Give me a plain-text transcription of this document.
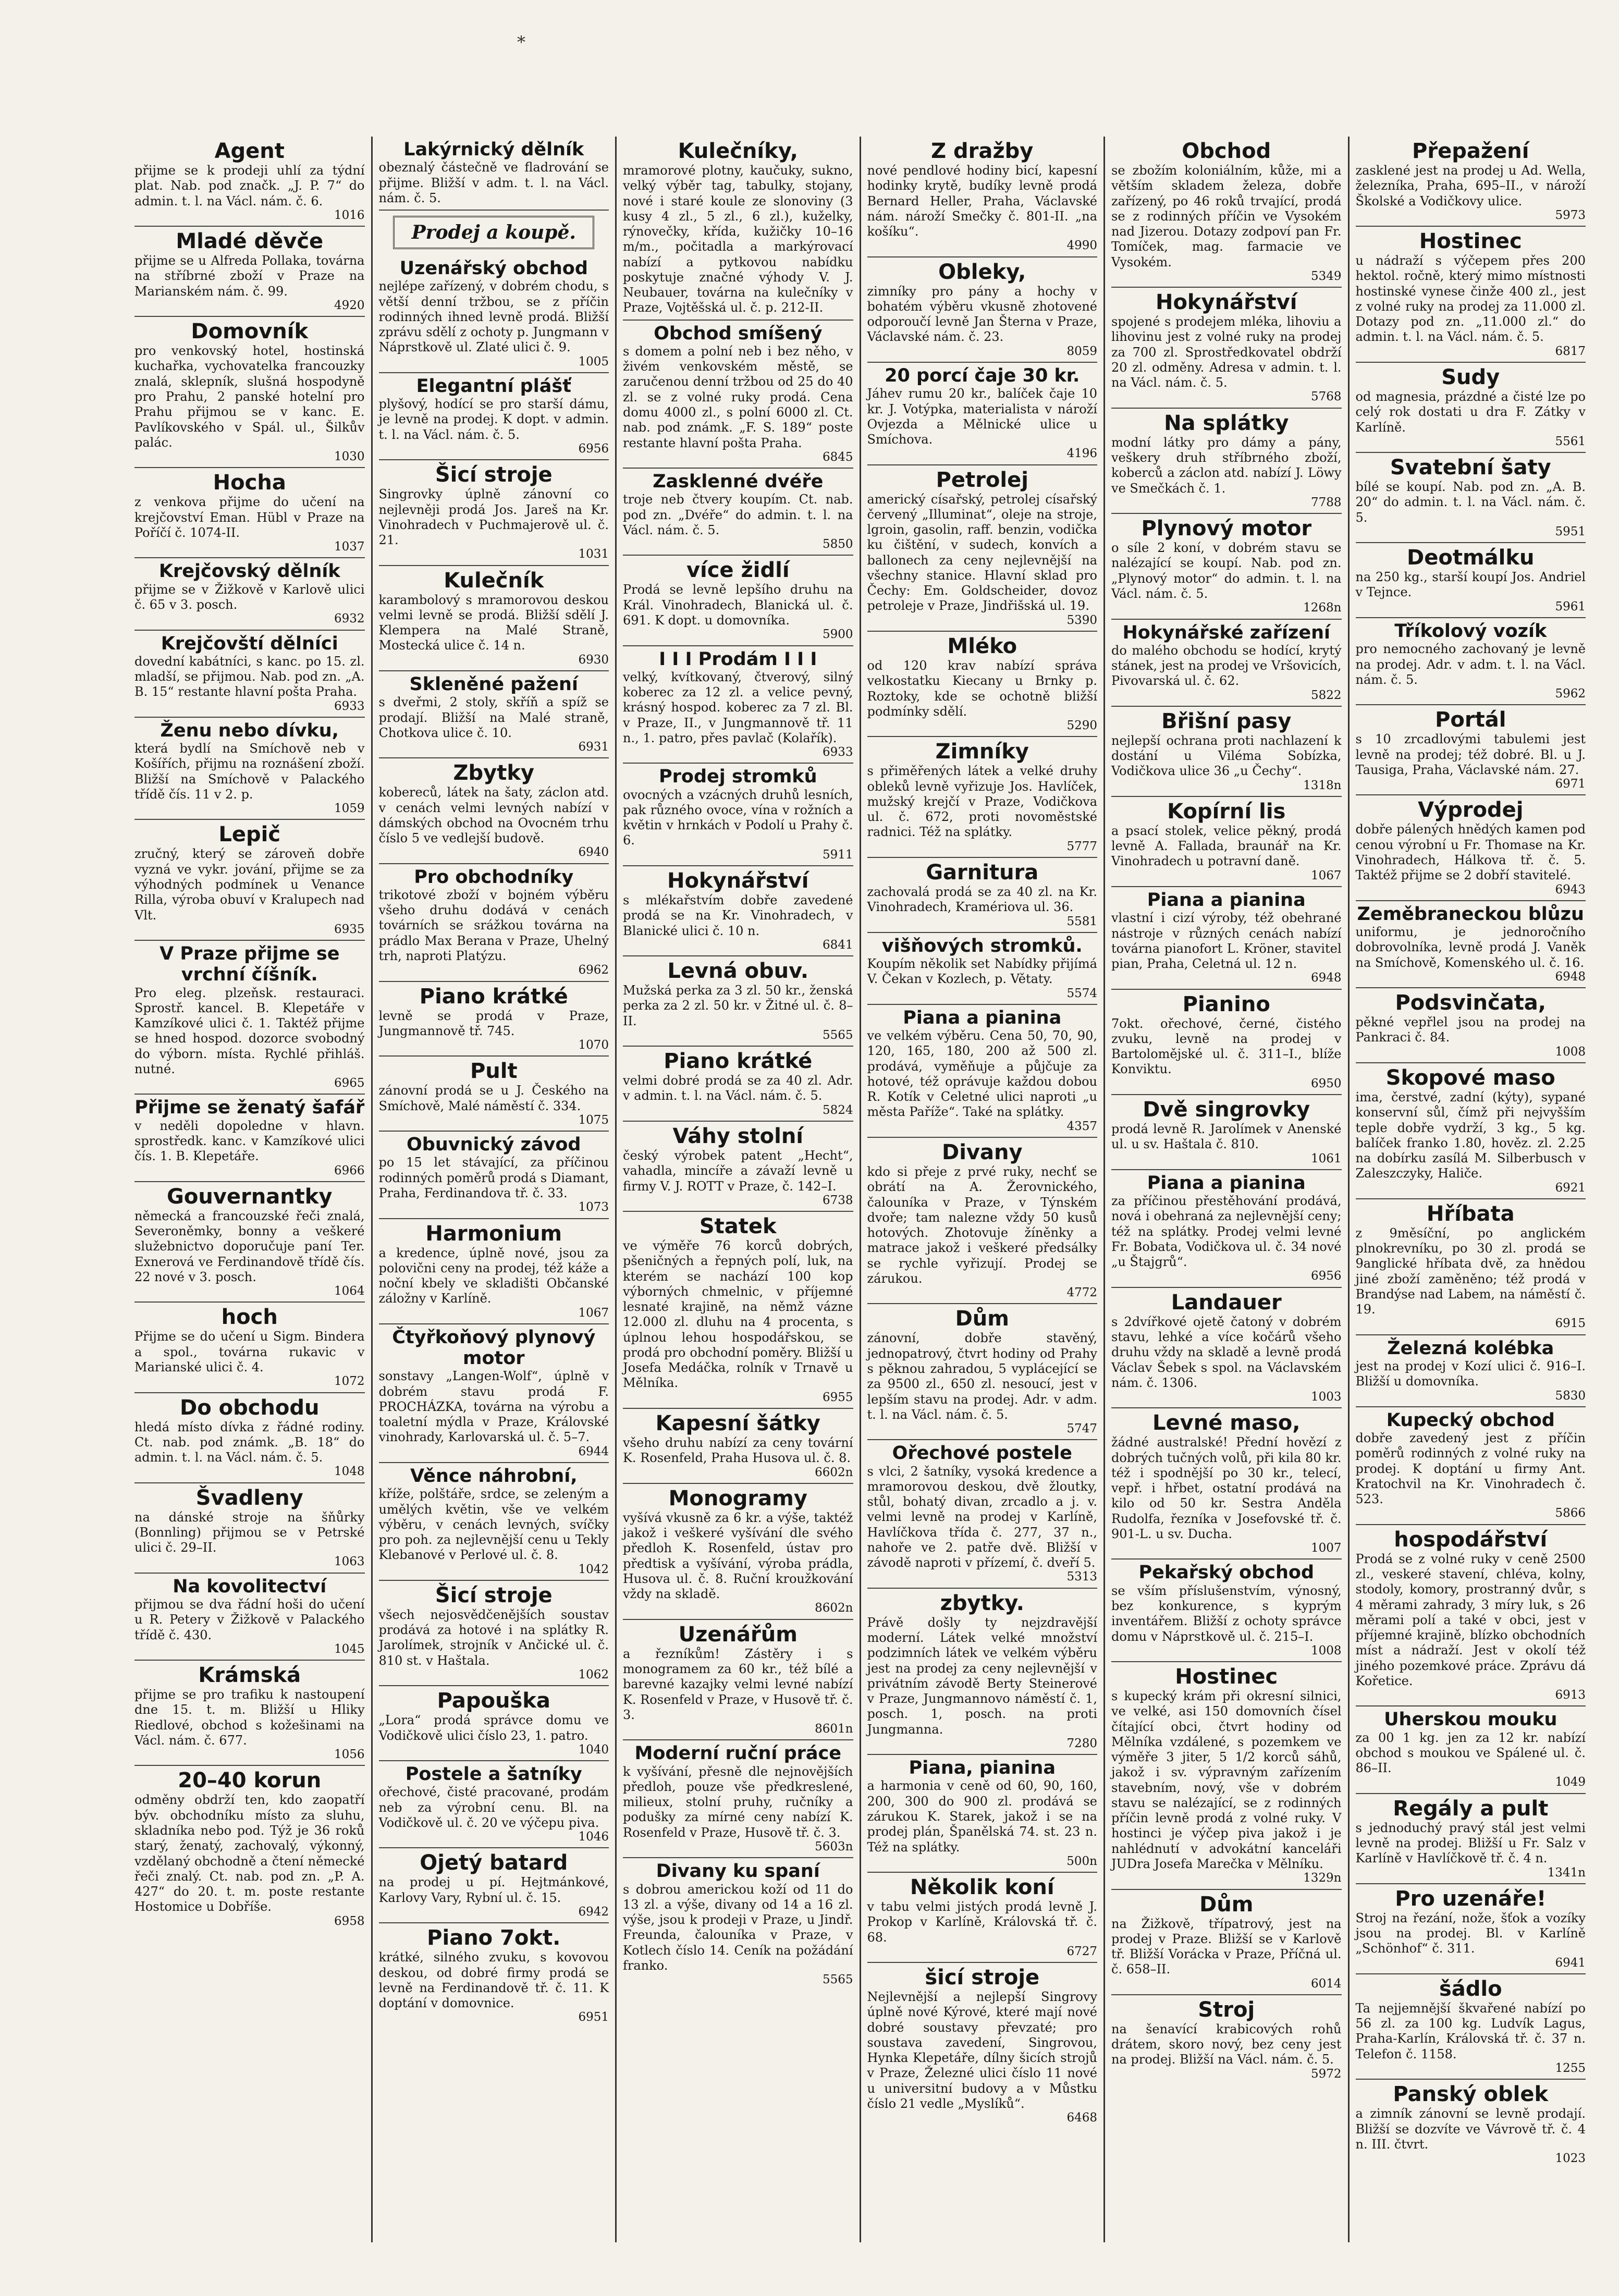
*
Agent
přijme se k prodeji uhlí za týdní plat. Nab. pod značk. „J. P. 7“ do admin. t. l. na Václ. nám. č. 6.
1016
Mladé děvče
přijme se u Alfreda Pollaka, továrna na stříbrné zboží v Praze na Marianském nám. č. 99.
4920
Domovník
pro venkovský hotel, hostinská kuchařka, vychovatelka francouzky znalá, sklepník, slušná hospodyně pro Prahu, 2 panské hotelní pro Prahu přijmou se v kanc. E. Pavlíkovského v Spál. ul., Šilkův palác.
1030
Hocha
z venkova přijme do učení na krejčovství Eman. Hübl v Praze na Poříčí č. 1074-II.
1037
Krejčovský dělník
přijme se v Žižkově v Karlově ulici č. 65 v 3. posch.
6932
Krejčovští dělníci
dovední kabátníci, s kanc. po 15. zl. mladší, se přijmou. Nab. pod zn. „A. B. 15“ restante hlavní pošta Praha.
6933
Ženu nebo dívku,
která bydlí na Smíchově neb v Košířích, přijmu na roznášení zboží. Bližší na Smíchově v Palackého třídě čís. 11 v 2. p.
1059
Lepič
zručný, který se zároveň dobře vyzná ve vykr. jování, přijme se za výhodných podmínek u Venance Rilla, výroba obuví v Kralupech nad Vlt.
6935
V Praze přijme se vrchní číšník.
Pro eleg. plzeňsk. restauraci. Sprostř. kancel. B. Klepetáře v Kamzíkové ulici č. 1. Taktéž přijme se hned hospod. dozorce svobodný do výborn. místa. Rychlé přihláš. nutné.
6965
Přijme se ženatý šafář
v neděli dopoledne v hlavn. sprostředk. kanc. v Kamzíkové ulici čís. 1. B. Klepetáře.
6966
Gouvernantky
německá a francouzské řeči znalá, Severoněmky, bonny a veškeré služebnictvo doporučuje paní Ter. Exnerová ve Ferdinandově třídě čís. 22 nové v 3. posch.
1064
hoch
Přijme se do učení u Sigm. Bindera a spol., továrna rukavic v Marianské ulici č. 4.
1072
Do obchodu
hledá místo dívka z řádné rodiny. Ct. nab. pod známk. „B. 18“ do admin. t. l. na Václ. nám. č. 5.
1048
Švadleny
na dánské stroje na šňůrky (Bonnling) přijmou se v Petrské ulici č. 29–II.
1063
Na kovolitectví
přijmou se dva řádní hoši do učení u R. Petery v Žižkově v Palackého třídě č. 430.
1045
Krámská
přijme se pro trafiku k nastoupení dne 15. t. m. Bližší u Hliky Riedlové, obchod s kožešinami na Václ. nám. č. 677.
1056
20–40 korun
odměny obdrží ten, kdo zaopatří býv. obchodníku místo za sluhu, skladníka nebo pod. Týž je 36 roků starý, ženatý, zachovalý, výkonný, vzdělaný obchodně a čtení německé řeči znalý. Ct. nab. pod zn. „P. A. 427“ do 20. t. m. poste restante Hostomice u Dobříše.
6958
Lakýrnický dělník
obeznalý částečně ve fladrování se přijme. Bližší v adm. t. l. na Václ. nám. č. 5.
Prodej a koupě.
Uzenářský obchod
nejlépe zařízený, v dobrém chodu, s větší denní tržbou, se z příčin rodinných ihned levně prodá. Bližší zprávu sdělí z ochoty p. Jungmann v Náprstkově ul. Zlaté ulici č. 9.
1005
Elegantní plášť
plyšový, hodící se pro starší dámu, je levně na prodej. K dopt. v admin. t. l. na Václ. nám. č. 5.
6956
Šicí stroje
Singrovky úplně zánovní co nejlevněji prodá Jos. Jareš na Kr. Vinohradech v Puchmajerově ul. č. 21.
1031
Kulečník
karambolový s mramorovou deskou velmi levně se prodá. Bližší sdělí J. Klempera na Malé Straně, Mostecká ulice č. 14 n.
6930
Skleněné pažení
s dveřmi, 2 stoly, skříň a spíž se prodají. Bližší na Malé straně, Chotkova ulice č. 10.
6931
Zbytky
kobereců, látek na šaty, záclon atd. v cenách velmi levných nabízí v dámských obchod na Ovocném trhu číslo 5 ve vedlejší budově.
6940
Pro obchodníky
trikotové zboží v bojném výběru všeho druhu dodává v cenách továrních se srážkou továrna na prádlo Max Berana v Praze, Uhelný trh, naproti Platýzu.
6962
Piano krátké
levně se prodá v Praze, Jungmannově tř. 745.
1070
Pult
zánovní prodá se u J. Českého na Smíchově, Malé náměstí č. 334.
1075
Obuvnický závod
po 15 let stávající, za příčinou rodinných poměrů prodá s Diamant, Praha, Ferdinandova tř. č. 33.
1073
Harmonium
a kredence, úplně nové, jsou za polovični ceny na prodej, též káže a noční kbely ve skladišti Občanské záložny v Karlíně.
1067
Čtyřkoňový plynový motor
sonstavy „Langen-Wolf“, úplně v dobrém stavu prodá F. PROCHÁZKA, továrna na výrobu a toaletní mýdla v Praze, Královské vinohrady, Karlovarská ul. č. 5–7.
6944
Věnce náhrobní,
kříže, polštáře, srdce, se zeleným a umělých květin, vše ve velkém výběru, v cenách levných, svíčky pro poh. za nejlevnější cenu u Tekly Klebanové v Perlové ul. č. 8.
1042
Šicí stroje
všech nejosvědčenějších soustav prodává za hotové i na splátky R. Jarolímek, strojník v Ančické ul. č. 810 st. v Haštala.
1062
Papouška
„Lora“ prodá správce domu ve Vodičkově ulici číslo 23, 1. patro.
1040
Postele a šatníky
ořechové, čisté pracované, prodám neb za výrobní cenu. Bl. na Vodičkově ul. č. 20 ve výčepu piva.
1046
Ojetý batard
na prodej u pí. Hejtmánkové, Karlovy Vary, Rybní ul. č. 15.
6942
Piano 7okt.
krátké, silného zvuku, s kovovou deskou, od dobré firmy prodá se levně na Ferdinandově tř. č. 11. K doptání v domovnice.
6951
Kulečníky,
mramorové plotny, kaučuky, sukno, velký výběr tag, tabulky, stojany, nové i staré koule ze slonoviny (3 kusy 4 zl., 5 zl., 6 zl.), kuželky, rýnovečky, křída, kužičky 10–16 m/m., počitadla a markýrovací nabízí a pytkovou nabídku poskytuje značné výhody V. J. Neubauer, továrna na kulečníky v Praze, Vojtěšská ul. č. p. 212-II.
Obchod smíšený
s domem a polní neb i bez něho, v živém venkovském městě, se zaručenou denní tržbou od 25 do 40 zl. se z volné ruky prodá. Cena domu 4000 zl., s polní 6000 zl. Ct. nab. pod známk. „F. S. 189“ poste restante hlavní pošta Praha.
6845
Zasklenné dvéře
troje neb čtvery koupím. Ct. nab. pod zn. „Dvéře“ do admin. t. l. na Václ. nám. č. 5.
5850
více židlí
Prodá se levně lepšího druhu na Král. Vinohradech, Blanická ul. č. 691. K dopt. u domovníka.
5900
I I I Prodám I I I
velký, kvítkovaný, čtverový, silný koberec za 12 zl. a velice pevný, krásný hospod. koberec za 7 zl. Bl. v Praze, II., v Jungmannově tř. 11 n., 1. patro, přes pavlač (Kolařík).
6933
Prodej stromků
ovocných a vzácných druhů lesních, pak různého ovoce, vína v rožních a květin v hrnkách v Podolí u Prahy č. 6.
5911
Hokynářství
s mlékařstvím dobře zavedené prodá se na Kr. Vinohradech, v Blanické ulici č. 10 n.
6841
Levná obuv.
Mužská perka za 3 zl. 50 kr., ženská perka za 2 zl. 50 kr. v Žitné ul. č. 8–II.
5565
Piano krátké
velmi dobré prodá se za 40 zl. Adr. v admin. t. l. na Václ. nám. č. 5.
5824
Váhy stolní
český výrobek patent „Hecht“, vahadla, mincíře a závaží levně u firmy V. J. ROTT v Praze, č. 142–I.
6738
Statek
ve výměře 76 korců dobrých, pšeničných a řepných polí, luk, na kterém se nachází 100 kop výborných chmelnic, v příjemné lesnaté krajině, na němž vázne 12.000 zl. dluhu na 4 procenta, s úplnou lehou hospodářskou, se prodá pro obchodní poměry. Bližší u Josefa Medáčka, rolník v Trnavě u Mělníka.
6955
Kapesní šátky
všeho druhu nabízí za ceny tovární K. Rosenfeld, Praha Husova ul. č. 8.
6602n
Monogramy
vyšívá vkusně za 6 kr. a výše, taktéž jakož i veškeré vyšívání dle svého předloh K. Rosenfeld, ústav pro předtisk a vyšívání, výroba prádla, Husova ul. č. 8. Ruční kroužkování vždy na skladě.
8602n
Uzenářům
a řezníkům! Zástěry i s monogramem za 60 kr., též bílé a barevné kazajky velmi levné nabízí K. Rosenfeld v Praze, v Husově tř. č. 3.
8601n
Moderní ruční práce
k vyšívání, přesně dle nejnovějších předloh, pouze vše předkreslené, milieux, stolní pruhy, ručníky a podušky za mírné ceny nabízí K. Rosenfeld v Praze, Husově tř. č. 3.
5603n
Divany ku spaní
s dobrou americkou koží od 11 do 13 zl. a výše, divany od 14 a 16 zl. výše, jsou k prodeji v Praze, u Jindř. Freunda, čalouníka v Praze, v Kotlech číslo 14. Ceník na požádání franko.
5565
Z dražby
nové pendlové hodiny bicí, kapesní hodinky krytě, budíky levně prodá Bernard Heller, Praha, Václavské nám. nároží Smečky č. 801-II. „na košíku“.
4990
Obleky,
zimníky pro pány a hochy v bohatém výběru vkusně zhotovené odporoučí levně Jan Šterna v Praze, Václavské nám. č. 23.
8059
20 porcí čaje 30 kr.
Jáhev rumu 20 kr., balíček čaje 10 kr. J. Votýpka, materialista v nároží Ovjezda a Mělnické ulice u Smíchova.
4196
Petrolej
americký císařský, petrolej císařský červený „Illuminat“, oleje na stroje, lgroin, gasolin, raff. benzin, vodička ku čištění, v sudech, konvích a ballonech za ceny nejlevnější na všechny stanice. Hlavní sklad pro Čechy: Em. Goldscheider, dovoz petroleje v Praze, Jindřišská ul. 19.
5390
Mléko
od 120 krav nabízí správa velkostatku Kiecany u Brnky p. Roztoky, kde se ochotně bližší podmínky sdělí.
5290
Zimníky
s přiměřených látek a velké druhy obleků levně vyřizuje Jos. Havlíček, mužský krejčí v Praze, Vodičkova ul. č. 672, proti novoměstské radnici. Též na splátky.
5777
Garnitura
zachovalá prodá se za 40 zl. na Kr. Vinohradech, Kramériova ul. 36.
5581
višňových stromků.
Koupím několik set Nabídky přijímá V. Čekan v Kozlech, p. Větaty.
5574
Piana a pianina
ve velkém výběru. Cena 50, 70, 90, 120, 165, 180, 200 až 500 zl. prodává, vyměňuje a půjčuje za hotové, též oprávuje každou dobou R. Kotík v Celetné ulici naproti „u města Paříže“. Také na splátky.
4357
Divany
kdo si přeje z prvé ruky, nechť se obrátí na A. Žerovnického, čalouníka v Praze, v Týnském dvoře; tam nalezne vždy 50 kusů hotových. Zhotovuje žíněnky a matrace jakož i veškeré předsálky se rychle vyřizují. Prodej se zárukou.
4772
Dům
zánovní, dobře stavěný, jednopatrový, čtvrt hodiny od Prahy s pěknou zahradou, 5 vyplácející se za 9500 zl., 650 zl. nesoucí, jest v lepším stavu na prodej. Adr. v adm. t. l. na Václ. nám. č. 5.
5747
Ořechové postele
s vlci, 2 šatníky, vysoká kredence a mramorovou deskou, dvě žloutky, stůl, bohatý divan, zrcadlo a j. v. velmi levně na prodej v Karlíně, Havlíčkova třída č. 277, 37 n., nahoře ve 2. patře dvě. Bližší v závodě naproti v přízemí, č. dveří 5.
5313
zbytky.
Právě došly ty nejzdravější moderní. Látek velké množství podzimních látek ve velkém výběru jest na prodej za ceny nejlevnější v privátním závodě Berty Steinerové v Praze, Jungmannovo náměstí č. 1, posch. 1, posch. na proti Jungmanna.
7280
Piana, pianina
a harmonia v ceně od 60, 90, 160, 200, 300 do 900 zl. prodává se zárukou K. Starek, jakož i se na prodej plán, Španělská 74. st. 23 n. Též na splátky.
500n
Několik koní
v tabu velmi jistých prodá levně J. Prokop v Karlíně, Královská tř. č. 68.
6727
šicí stroje
Nejlevnější a nejlepší Singrovy úplně nové Kýrové, které mají nové dobré soustavy převzaté; pro soustava zavedení, Singrovou, Hynka Klepetáře, dílny šicích strojů v Praze, Železné ulici číslo 11 nové u universitní budovy a v Můstku číslo 21 vedle „Myslíků“.
6468
Obchod
se zbožím koloniálním, kůže, mi a větším skladem železa, dobře zařízený, po 46 roků trvající, prodá se z rodinných příčin ve Vysokém nad Jizerou. Dotazy zodpoví pan Fr. Tomíček, mag. farmacie ve Vysokém.
5349
Hokynářství
spojené s prodejem mléka, lihoviu a lihovinu jest z volné ruky na prodej za 700 zl. Sprostředkovatel obdrží 20 zl. odměny. Adresa v admin. t. l. na Václ. nám. č. 5.
5768
Na splátky
modní látky pro dámy a pány, veškery druh stříbrného zboží, koberců a záclon atd. nabízí J. Löwy ve Smečkách č. 1.
7788
Plynový motor
o síle 2 koní, v dobrém stavu se nalézající se koupí. Nab. pod zn. „Plynový motor“ do admin. t. l. na Václ. nám. č. 5.
1268n
Hokynářské zařízení
do malého obchodu se hodící, krytý stánek, jest na prodej ve Vršovicích, Pivovarská ul. č. 62.
5822
Břišní pasy
nejlepší ochrana proti nachlazení k dostání u Viléma Sobízka, Vodičkova ulice 36 „u Čechy“.
1318n
Kopírní lis
a psací stolek, velice pěkný, prodá levně A. Fallada, braunář na Kr. Vinohradech u potravní daně.
1067
Piana a pianina
vlastní i cizí výroby, též obehrané nástroje v různých cenách nabízí továrna pianofort L. Kröner, stavitel pian, Praha, Celetná ul. 12 n.
6948
Pianino
7okt. ořechové, černé, čistého zvuku, levně na prodej v Bartolomějské ul. č. 311–I., blíže Konviktu.
6950
Dvě singrovky
prodá levně R. Jarolímek v Anenské ul. u sv. Haštala č. 810.
1061
Piana a pianina
za příčinou přestěhování prodává, nová i obehraná za nejlevnější ceny; též na splátky. Prodej velmi levné Fr. Bobata, Vodičkova ul. č. 34 nové „u Štajgrů“.
6956
Landauer
s 2dvířkové ojetě čatoný v dobrém stavu, lehké a více kočárů všeho druhu vždy na skladě a levně prodá Václav Šebek s spol. na Václavském nám. č. 1306.
1003
Levné maso,
žádné australské! Přední hovězí z dobrých tučných volů, při kila 80 kr. též i spodnější po 30 kr., telecí, vepř. i hřbet, ostatní prodává na kilo od 50 kr. Sestra Anděla Rudolfa, řezníka v Josefovské tř. č. 901-L. u sv. Ducha.
1007
Pekařský obchod
se vším příslušenstvím, výnosný, bez konkurence, s kyprým inventářem. Bližší z ochoty správce domu v Náprstkově ul. č. 215–I.
1008
Hostinec
s kupecký krám při okresní silnici, ve velké, asi 150 domovních čísel čítající obci, čtvrt hodiny od Mělníka vzdálené, s pozemkem ve výměře 3 jiter, 5 1/2 korců sáhů, jakož i sv. výpravným zařízením stavebním, nový, vše v dobrém stavu se nalézající, se z rodinných příčin levně prodá z volné ruky. V hostinci je výčep piva jakož i je nahlédnutí v advokátní kanceláři JUDra Josefa Marečka v Mělníku.
1329n
Dům
na Žižkově, třípatrový, jest na prodej v Praze. Bližší se v Karlově tř. Bližší Vorácka v Praze, Příčná ul. č. 658–II.
6014
Stroj
na šenavící krabicových rohů drátem, skoro nový, bez ceny jest na prodej. Bližší na Václ. nám. č. 5.
5972
Přepažení
zasklené jest na prodej u Ad. Wella, železníka, Praha, 695–II., v nároží Školské a Vodičkovy ulice.
5973
Hostinec
u nádraží s výčepem přes 200 hektol. ročně, který mimo místnosti hostinské vynese činže 400 zl., jest z volné ruky na prodej za 11.000 zl. Dotazy pod zn. „11.000 zl.“ do admin. t. l. na Václ. nám. č. 5.
6817
Sudy
od magnesia, prázdné a čisté lze po celý rok dostati u dra F. Zátky v Karlíně.
5561
Svatební šaty
bílé se koupí. Nab. pod zn. „A. B. 20“ do admin. t. l. na Václ. nám. č. 5.
5951
Deotmálku
na 250 kg., starší koupí Jos. Andriel v Tejnce.
5961
Tříkolový vozík
pro nemocného zachovaný je levně na prodej. Adr. v adm. t. l. na Václ. nám. č. 5.
5962
Portál
s 10 zrcadlovými tabulemi jest levně na prodej; též dobré. Bl. u J. Tausiga, Praha, Václavské nám. 27.
6971
Výprodej
dobře pálených hnědých kamen pod cenou výrobní u Fr. Thomase na Kr. Vinohradech, Hálkova tř. č. 5. Taktéž přijme se 2 dobří stavitelé.
6943
Zeměbraneckou blůzu
uniformu, je jednoročního dobrovolníka, levně prodá J. Vaněk na Smíchově, Komenského ul. č. 16.
6948
Podsvinčata,
pěkné vepřlel jsou na prodej na Pankraci č. 84.
1008
Skopové maso
ima, čerstvé, zadní (kýty), sypané konservní sůl, čímž při nejvyšším teple dobře vydrží, 3 kg., 5 kg. balíček franko 1.80, hověz. zl. 2.25 na dobírku zasílá M. Silberbusch v Zaleszczyky, Haliče.
6921
Hříbata
z 9měsíční, po anglickém plnokrevníku, po 30 zl. prodá se 9anglické hříbata dvě, za hnědou jiné zboží zaměněno; též prodá v Brandýse nad Labem, na náměstí č. 19.
6915
Železná kolébka
jest na prodej v Kozí ulici č. 916–I. Bližší u domovníka.
5830
Kupecký obchod
dobře zavedený jest z příčin poměrů rodinných z volné ruky na prodej. K doptání u firmy Ant. Kratochvil na Kr. Vinohradech č. 523.
5866
hospodářství
Prodá se z volné ruky v ceně 2500 zl., veskeré stavení, chléva, kolny, stodoly, komory, prostranný dvůr, s 4 měrami zahrady, 3 míry luk, s 26 měrami polí a také v obci, jest v příjemné krajině, blízko obchodních míst a nádraží. Jest v okolí též jiného pozemkové práce. Zprávu dá Kořetice.
6913
Uherskou mouku
za 00 1 kg. jen za 12 kr. nabízí obchod s moukou ve Spálené ul. č. 86–II.
1049
Regály a pult
s jednoduchý pravý stál jest velmi levně na prodej. Bližší u Fr. Salz v Karlíně v Havlíčkově tř. č. 4 n.
1341n
Pro uzenáře!
Stroj na řezání, nože, šťok a vozíky jsou na prodej. Bl. v Karlíně „Schönhof“ č. 311.
6941
šádlo
Ta nejjemnější škvařené nabízí po 56 zl. za 100 kg. Ludvík Lagus, Praha-Karlín, Královská tř. č. 37 n. Telefon č. 1158.
1255
Panský oblek
a zimník zánovní se levně prodají. Bližší se dozvíte ve Vávrově tř. č. 4 n. III. čtvrt.
1023
